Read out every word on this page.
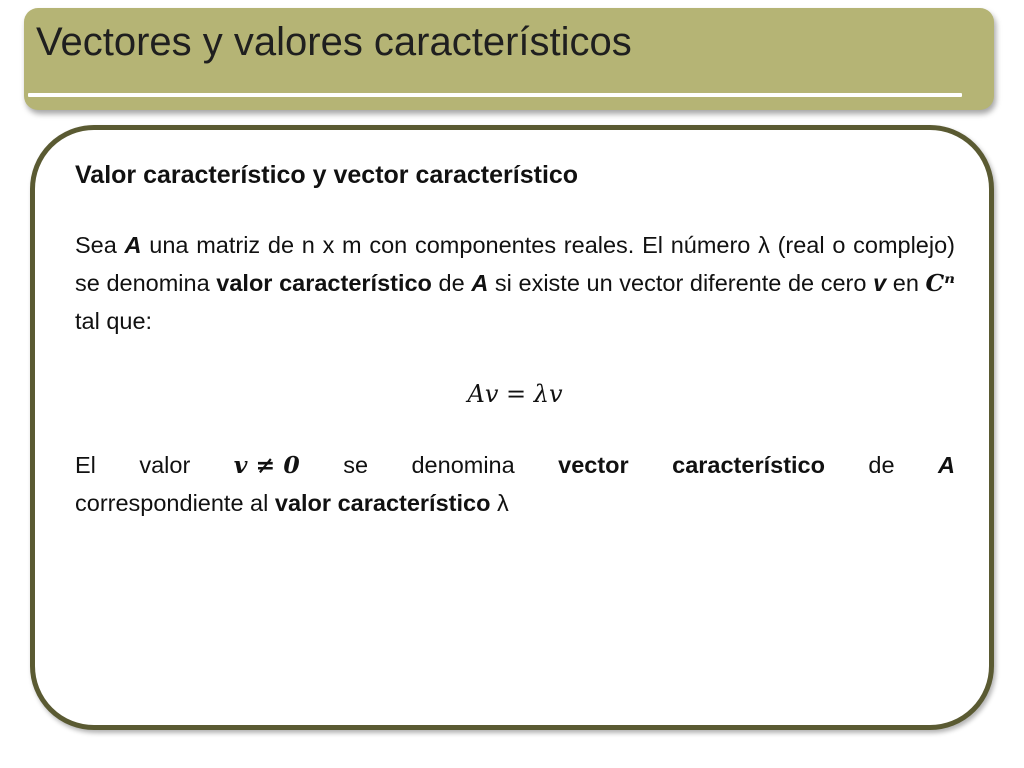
Vectores y valores característicos

Valor característico y vector característico

Sea A una matriz de n x m con componentes reales. El número λ (real o complejo) se denomina valor característico de A si existe un vector diferente de cero v en 𝑪ⁿ tal que:

𝐴𝑣 = λ𝑣
El valor v ≠ 0 se denomina vector característico de A
correspondiente al valor característico λ
